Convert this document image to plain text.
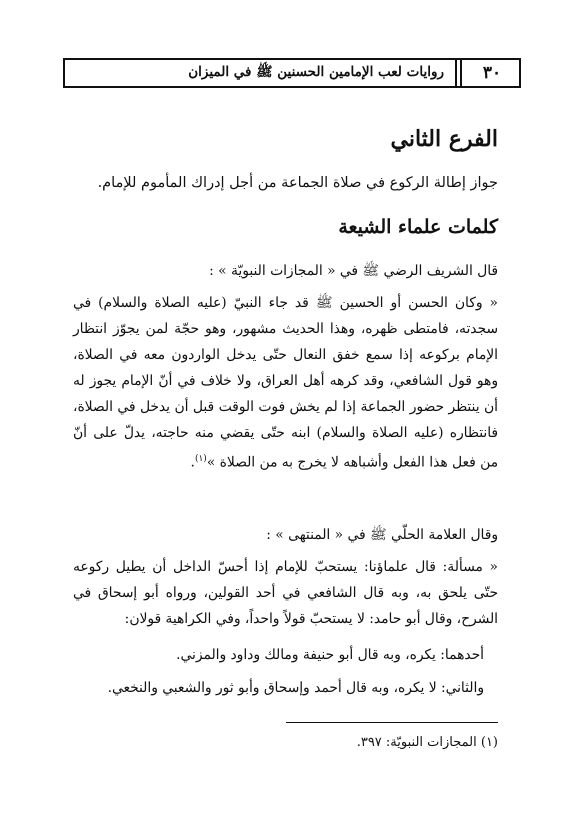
٣٠
روايات لعب الإمامين الحسنين ﷺ في الميزان
الفرع الثاني

جواز إطالة الركوع في صلاة الجماعة من أجل إدراك المأموم للإمام.

كلمات علماء الشيعة

قال الشريف الرضي ﷺ في « المجازات النبويّة » :

« وكان الحسن أو الحسين ﷺ قد جاء النبيّ (عليه الصلاة والسلام) في سجدته، فامتطى ظهره، وهذا الحديث مشهور، وهو حجّة لمن يجوّز انتظار الإمام بركوعه إذا سمع خفق النعال حتّى يدخل الواردون معه في الصلاة، وهو قول الشافعي، وقد كرهه أهل العراق، ولا خلاف في أنّ الإمام يجوز له أن ينتظر حضور الجماعة إذا لم يخش فوت الوقت قبل أن يدخل في الصلاة، فانتظاره (عليه الصلاة والسلام) ابنه حتّى يقضي منه حاجته، يدلّ على أنّ من فعل هذا الفعل وأشباهه لا يخرج به من الصلاة »$^{(١)}$.

وقال العلامة الحلّي ﷺ في « المنتهى » :

« مسألة: قال علماؤنا: يستحبّ للإمام إذا أحسّ الداخل أن يطيل ركوعه حتّى يلحق به، وبه قال الشافعي في أحد القولين، ورواه أبو إسحاق في الشرح، وقال أبو حامد: لا يستحبّ قولاً واحداً، وفي الكراهية قولان:

أحدهما: يكره، وبه قال أبو حنيفة ومالك وداود والمزني.

والثاني: لا يكره، وبه قال أحمد وإسحاق وأبو ثور والشعبي والنخعي.

(١) المجازات النبويّة: ٣٩٧.
